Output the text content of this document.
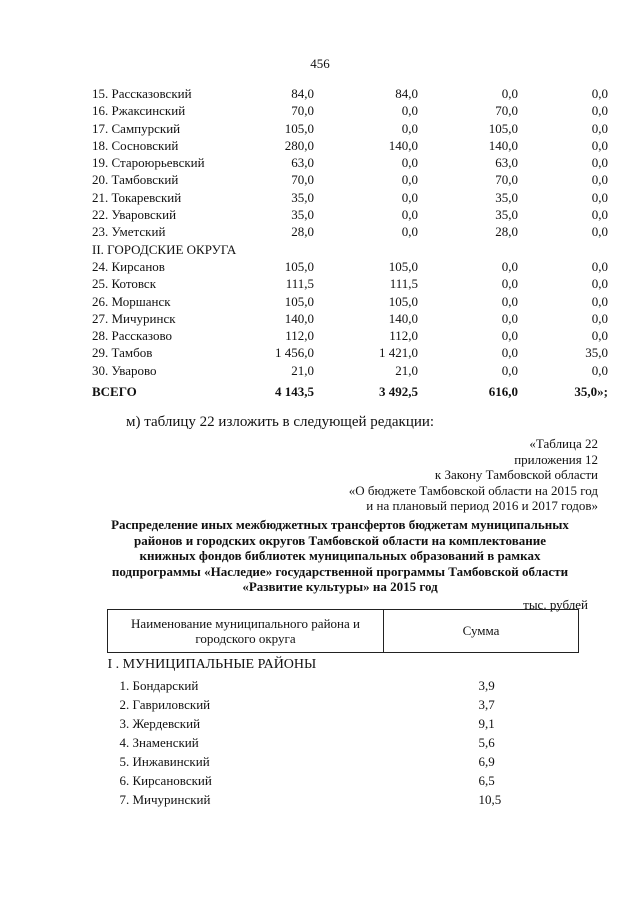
456
15. Рассказовский	84,0	84,0	0,0	0,0
16. Ржаксинский	70,0	0,0	70,0	0,0
17. Сампурский	105,0	0,0	105,0	0,0
18. Сосновский	280,0	140,0	140,0	0,0
19. Староюрьевский	63,0	0,0	63,0	0,0
20. Тамбовский	70,0	0,0	70,0	0,0
21. Токаревский	35,0	0,0	35,0	0,0
22. Уваровский	35,0	0,0	35,0	0,0
23. Уметский	28,0	0,0	28,0	0,0
II. ГОРОДСКИЕ ОКРУГА				
24. Кирсанов	105,0	105,0	0,0	0,0
25. Котовск	111,5	111,5	0,0	0,0
26. Моршанск	105,0	105,0	0,0	0,0
27. Мичуринск	140,0	140,0	0,0	0,0
28. Рассказово	112,0	112,0	0,0	0,0
29. Тамбов	1 456,0	1 421,0	0,0	35,0
30. Уварово	21,0	21,0	0,0	0,0
ВСЕГО	4 143,5	3 492,5	616,0	35,0»;
м) таблицу 22 изложить в следующей редакции:
«Таблица 22
приложения 12
к Закону Тамбовской области
«О бюджете Тамбовской области на 2015 год
и на плановый период 2016 и 2017 годов»
Распределение иных межбюджетных трансфертов бюджетам муниципальных
районов и городских округов Тамбовской области на комплектование
книжных фондов библиотек муниципальных образований в рамках
подпрограммы «Наследие» государственной программы Тамбовской области
«Развитие культуры» на 2015 год
тыс. рублей
Наименование муниципального района и
городского округа	Сумма
I . МУНИЦИПАЛЬНЫЕ РАЙОНЫ	
1. Бондарский	3,9
2. Гавриловский	3,7
3. Жердевский	9,1
4. Знаменский	5,6
5. Инжавинский	6,9
6. Кирсановский	6,5
7. Мичуринский	10,5
